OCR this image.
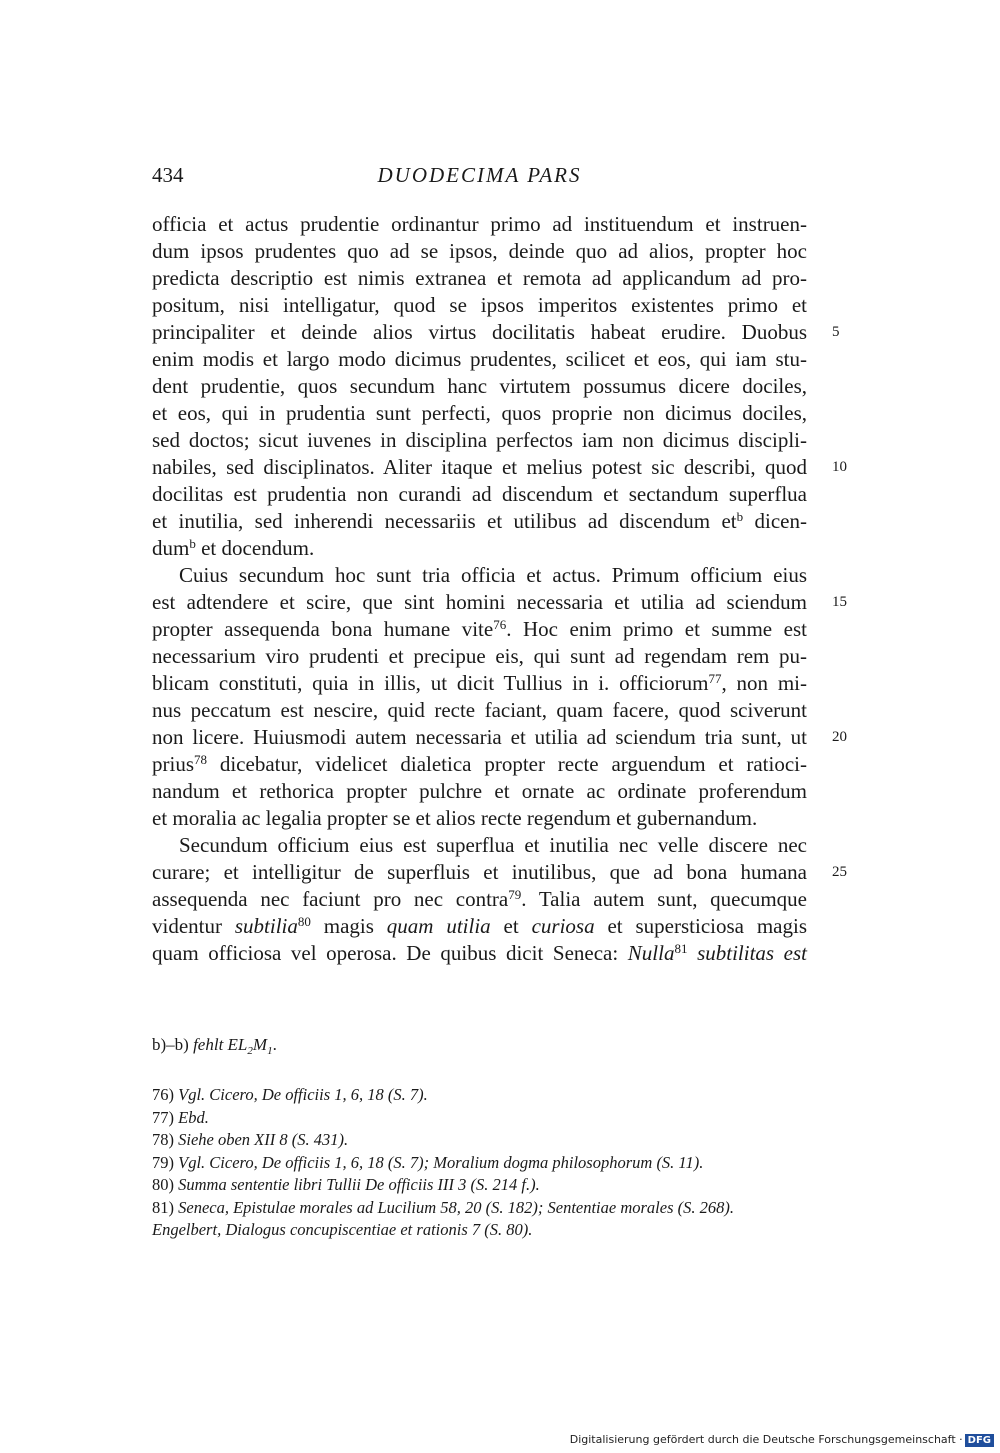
434	DUODECIMA PARS
officia et actus prudentie ordinantur primo ad instituendum et instruen-
dum ipsos prudentes quo ad se ipsos, deinde quo ad alios, propter hoc
predicta descriptio est nimis extranea et remota ad applicandum ad pro-
positum, nisi intelligatur, quod se ipsos imperitos existentes primo et
principaliter et deinde alios virtus docilitatis habeat erudire. Duobus
enim modis et largo modo dicimus prudentes, scilicet et eos, qui iam stu-
dent prudentie, quos secundum hanc virtutem possumus dicere dociles,
et eos, qui in prudentia sunt perfecti, quos proprie non dicimus dociles,
sed doctos; sicut iuvenes in disciplina perfectos iam non dicimus discipli-
nabiles, sed disciplinatos. Aliter itaque et melius potest sic describi, quod
docilitas est prudentia non curandi ad discendum et sectandum superflua
et inutilia, sed inherendi necessariis et utilibus ad discendum $et^b$ dicen-
dum$^b$ et docendum.
Cuius secundum hoc sunt tria officia et actus. Primum officium eius
est adtendere et scire, que sint homini necessaria et utilia ad sciendum
propter assequenda bona humane vite$^{76}$. Hoc enim primo et summe est
necessarium viro prudenti et precipue eis, qui sunt ad regendam rem pu-
blicam constituti, quia in illis, ut dicit Tullius in i. officiorum$^{77}$, non mi-
nus peccatum est nescire, quid recte faciant, quam facere, quod sciverunt
non licere. Huiusmodi autem necessaria et utilia ad sciendum tria sunt, ut
prius$^{78}$ dicebatur, videlicet dialetica propter recte arguendum et ratioci-
nandum et rethorica propter pulchre et ornate ac ordinate proferendum
et moralia ac legalia propter se et alios recte regendum et gubernandum.
Secundum officium eius est superflua et inutilia nec velle discere nec
curare; et intelligitur de superfluis et inutilibus, que ad bona humana
assequenda nec faciunt pro nec contra$^{79}$. Talia autem sunt, quecumque
videntur subtilia$^{80}$ magis quam utilia et curiosa et supersticiosa magis
quam officiosa vel operosa. De quibus dicit Seneca: Nulla$^{81}$ subtilitas est
5
10
15
20
25
b)–b) fehlt $EL_2M_1$.
76) Vgl. Cicero, De officiis 1, 6, 18 (S. 7).
77) Ebd.
78) Siehe oben XII 8 (S. 431).
79) Vgl. Cicero, De officiis 1, 6, 18 (S. 7); Moralium dogma philosophorum (S. 11).
80) Summa sententie libri Tullii De officiis III 3 (S. 214 f.).
81) Seneca, Epistulae morales ad Lucilium 58, 20 (S. 182); Sententiae morales (S. 268).
Engelbert, Dialogus concupiscentiae et rationis 7 (S. 80).
Digitalisierung gefördert durch die Deutsche Forschungsgemeinschaft · DFG
